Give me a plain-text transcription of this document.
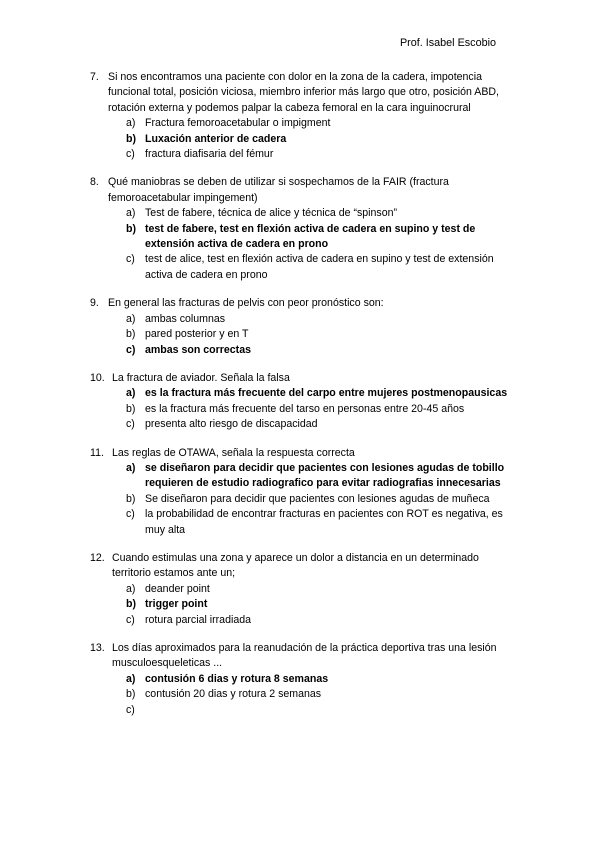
Prof. Isabel Escobio
7. Si nos encontramos una paciente con dolor en la zona de la cadera, impotencia funcional total, posición viciosa, miembro inferior más largo que otro, posición ABD, rotación externa y podemos palpar la cabeza femoral en la cara inguinocrural
a) Fractura femoroacetabular o impigment
b) Luxación anterior de cadera
c) fractura diafisaria del fémur
8. Qué maniobras se deben de utilizar si sospechamos de la FAIR (fractura femoroacetabular impingement)
a) Test de fabere, técnica de alice y técnica de “spinson”
b) test de fabere, test en flexión activa de cadera en supino y test de extensión activa de cadera en prono
c) test de alice, test en flexión activa de cadera en supino y test de extensión activa de cadera en prono
9. En general las fracturas de pelvis con peor pronóstico son:
a) ambas columnas
b) pared posterior y en T
c) ambas son correctas
10. La fractura de aviador. Señala la falsa
a) es la fractura más frecuente del carpo entre mujeres postmenopausicas
b) es la fractura más frecuente del tarso en personas entre 20-45 años
c) presenta alto riesgo de discapacidad
11. Las reglas de OTAWA, señala la respuesta correcta
a) se diseñaron para decidir que pacientes con lesiones agudas de tobillo requieren de estudio radiografico para evitar radiografias innecesarias
b) Se diseñaron para decidir que pacientes con lesiones agudas de muñeca
c) la probabilidad de encontrar fracturas en pacientes con ROT es negativa, es muy alta
12. Cuando estimulas una zona y aparece un dolor a distancia en un determinado territorio estamos ante un;
a) deander point
b) trigger point
c) rotura parcial irradiada
13. Los días aproximados para la reanudación de la práctica deportiva tras una lesión musculoesqueleticas ...
a) contusión 6 dias y rotura 8 semanas
b) contusión 20 dias y rotura 2 semanas
c)
